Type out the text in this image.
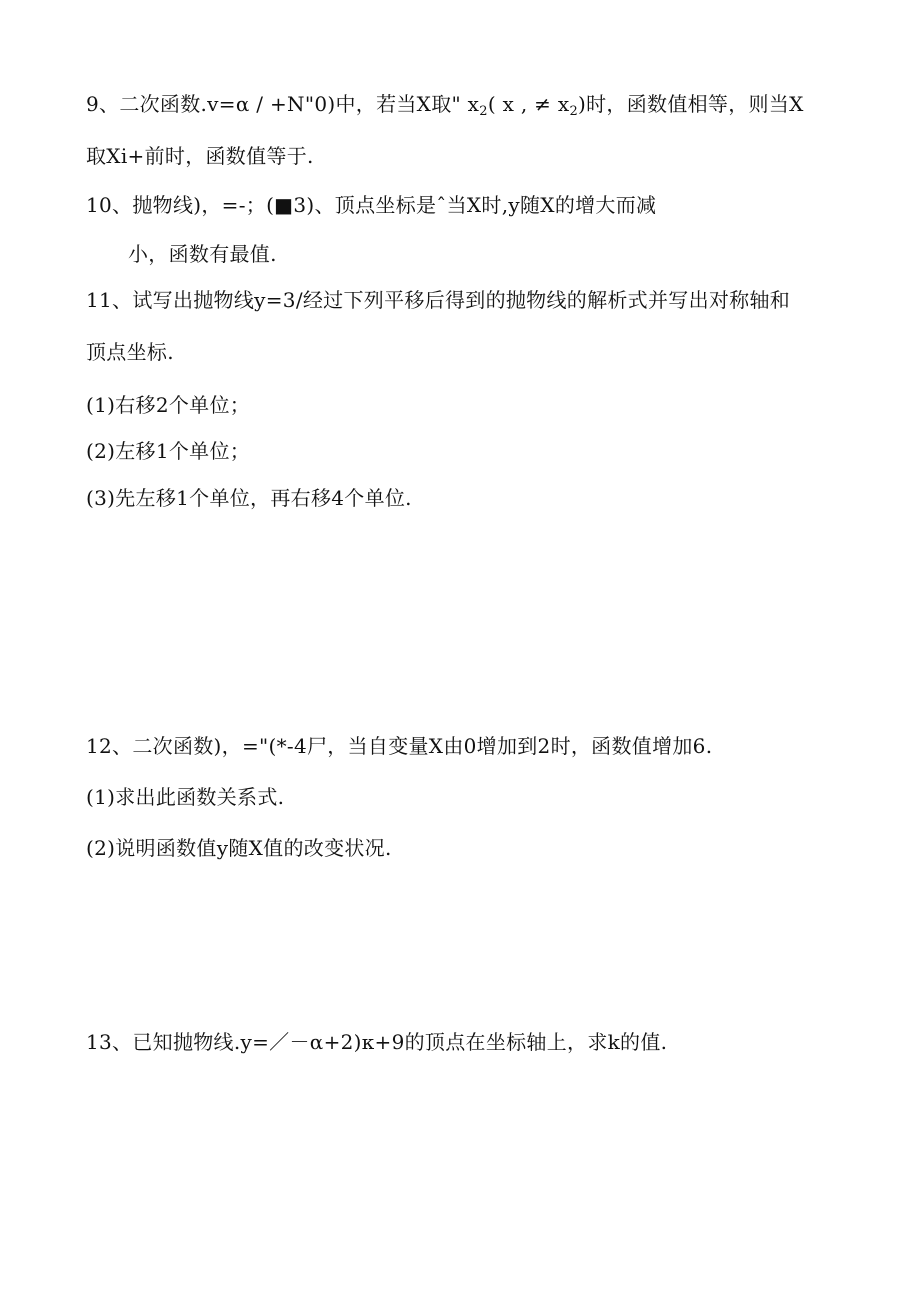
9、二次函数.v=α / +N"0)中，若当X取" $x_2$( x , ≠ $x_2$)时，函数值相等，则当X
取Xi+前时，函数值等于.
10、抛物线)，=-；(■3)、顶点坐标是ˆ当X时,y随X的增大而减
小，函数有最值.
11、试写出抛物线y=3/经过下列平移后得到的抛物线的解析式并写出对称轴和
顶点坐标.
(1)右移2个单位；
(2)左移1个单位；
(3)先左移1个单位，再右移4个单位.
12、二次函数)，="(*-4尸，当自变量X由0增加到2时，函数值增加6.
(1)求出此函数关系式.
(2)说明函数值y随X值的改变状况.
13、已知抛物线.y=／－α+2)κ+9的顶点在坐标轴上，求k的值.
